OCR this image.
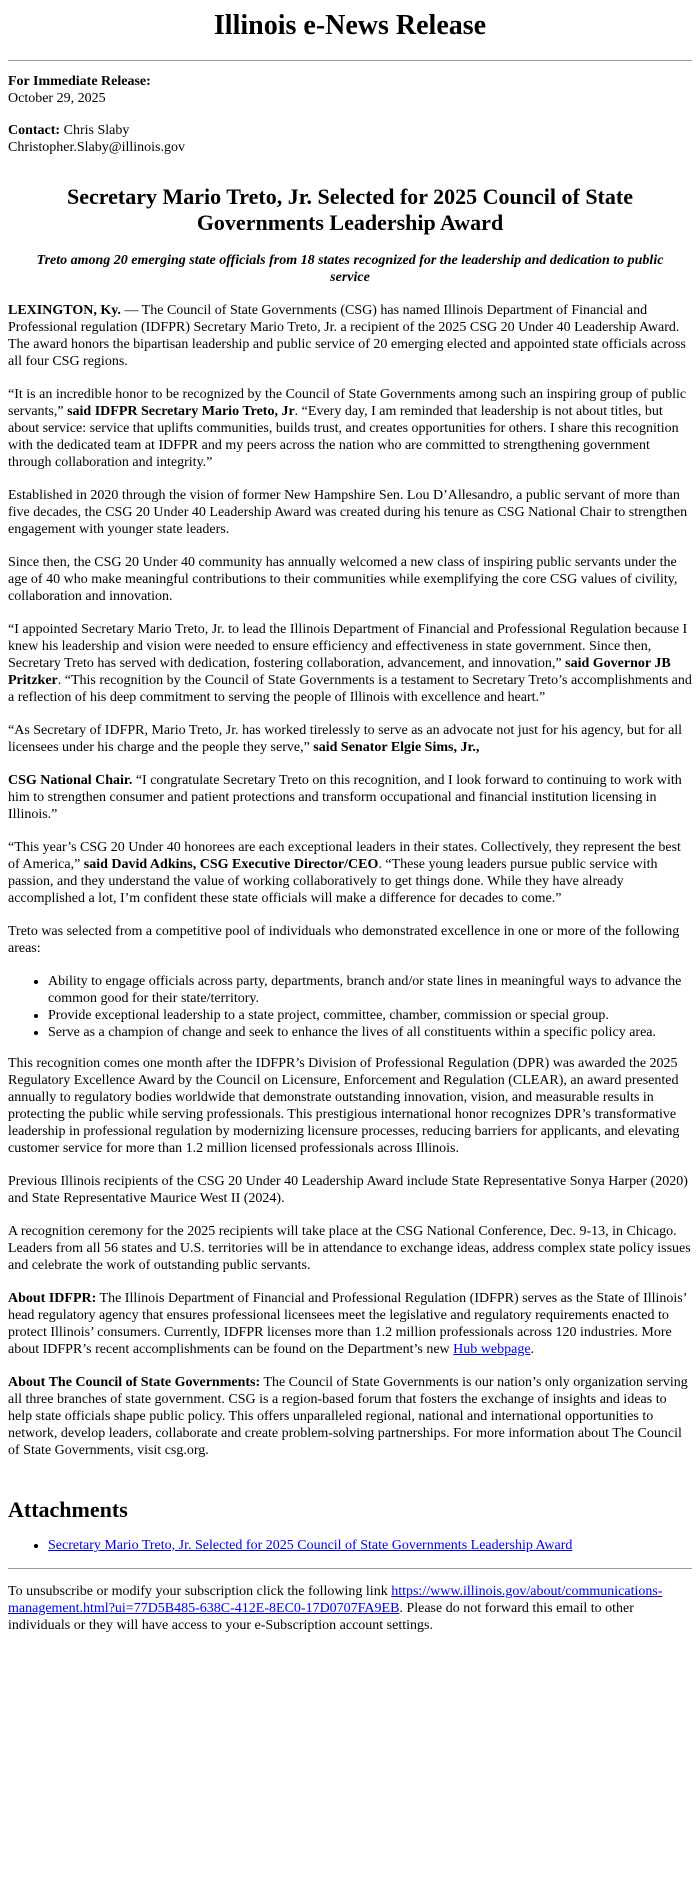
Illinois e-News Release

For Immediate Release:
October 29, 2025

Contact: Chris Slaby
Christopher.Slaby@illinois.gov

Secretary Mario Treto, Jr. Selected for 2025 Council of State Governments Leadership Award
Treto among 20 emerging state officials from 18 states recognized for the leadership and dedication to public service

LEXINGTON, Ky. — The Council of State Governments (CSG) has named Illinois Department of Financial and Professional regulation (IDFPR) Secretary Mario Treto, Jr. a recipient of the 2025 CSG 20 Under 40 Leadership Award. The award honors the bipartisan leadership and public service of 20 emerging elected and appointed state officials across all four CSG regions.

“It is an incredible honor to be recognized by the Council of State Governments among such an inspiring group of public servants,” said IDFPR Secretary Mario Treto, Jr. “Every day, I am reminded that leadership is not about titles, but about service: service that uplifts communities, builds trust, and creates opportunities for others. I share this recognition with the dedicated team at IDFPR and my peers across the nation who are committed to strengthening government through collaboration and integrity.”

Established in 2020 through the vision of former New Hampshire Sen. Lou D’Allesandro, a public servant of more than five decades, the CSG 20 Under 40 Leadership Award was created during his tenure as CSG National Chair to strengthen engagement with younger state leaders.

Since then, the CSG 20 Under 40 community has annually welcomed a new class of inspiring public servants under the age of 40 who make meaningful contributions to their communities while exemplifying the core CSG values of civility, collaboration and innovation.

“I appointed Secretary Mario Treto, Jr. to lead the Illinois Department of Financial and Professional Regulation because I knew his leadership and vision were needed to ensure efficiency and effectiveness in state government. Since then, Secretary Treto has served with dedication, fostering collaboration, advancement, and innovation,” said Governor JB Pritzker. “This recognition by the Council of State Governments is a testament to Secretary Treto’s accomplishments and a reflection of his deep commitment to serving the people of Illinois with excellence and heart.”

“As Secretary of IDFPR, Mario Treto, Jr. has worked tirelessly to serve as an advocate not just for his agency, but for all licensees under his charge and the people they serve,” said Senator Elgie Sims, Jr.,

CSG National Chair. “I congratulate Secretary Treto on this recognition, and I look forward to continuing to work with him to strengthen consumer and patient protections and transform occupational and financial institution licensing in Illinois.”

“This year’s CSG 20 Under 40 honorees are each exceptional leaders in their states. Collectively, they represent the best of America,” said David Adkins, CSG Executive Director/CEO. “These young leaders pursue public service with passion, and they understand the value of working collaboratively to get things done. While they have already accomplished a lot, I’m confident these state officials will make a difference for decades to come.”

Treto was selected from a competitive pool of individuals who demonstrated excellence in one or more of the following areas:

• Ability to engage officials across party, departments, branch and/or state lines in meaningful ways to advance the common good for their state/territory.
• Provide exceptional leadership to a state project, committee, chamber, commission or special group.
• Serve as a champion of change and seek to enhance the lives of all constituents within a specific policy area.

This recognition comes one month after the IDFPR’s Division of Professional Regulation (DPR) was awarded the 2025 Regulatory Excellence Award by the Council on Licensure, Enforcement and Regulation (CLEAR), an award presented annually to regulatory bodies worldwide that demonstrate outstanding innovation, vision, and measurable results in protecting the public while serving professionals. This prestigious international honor recognizes DPR’s transformative leadership in professional regulation by modernizing licensure processes, reducing barriers for applicants, and elevating customer service for more than 1.2 million licensed professionals across Illinois.

Previous Illinois recipients of the CSG 20 Under 40 Leadership Award include State Representative Sonya Harper (2020) and State Representative Maurice West II (2024).

A recognition ceremony for the 2025 recipients will take place at the CSG National Conference, Dec. 9-13, in Chicago. Leaders from all 56 states and U.S. territories will be in attendance to exchange ideas, address complex state policy issues and celebrate the work of outstanding public servants.

About IDFPR: The Illinois Department of Financial and Professional Regulation (IDFPR) serves as the State of Illinois’ head regulatory agency that ensures professional licensees meet the legislative and regulatory requirements enacted to protect Illinois’ consumers. Currently, IDFPR licenses more than 1.2 million professionals across 120 industries. More about IDFPR’s recent accomplishments can be found on the Department’s new Hub webpage.

About The Council of State Governments: The Council of State Governments is our nation’s only organization serving all three branches of state government. CSG is a region-based forum that fosters the exchange of insights and ideas to help state officials shape public policy. This offers unparalleled regional, national and international opportunities to network, develop leaders, collaborate and create problem-solving partnerships. For more information about The Council of State Governments, visit csg.org.

Attachments
• Secretary Mario Treto, Jr. Selected for 2025 Council of State Governments Leadership Award

To unsubscribe or modify your subscription click the following link https://www.illinois.gov/about/communications-management.html?ui=77D5B485-638C-412E-8EC0-17D0707FA9EB. Please do not forward this email to other individuals or they will have access to your e-Subscription account settings.
